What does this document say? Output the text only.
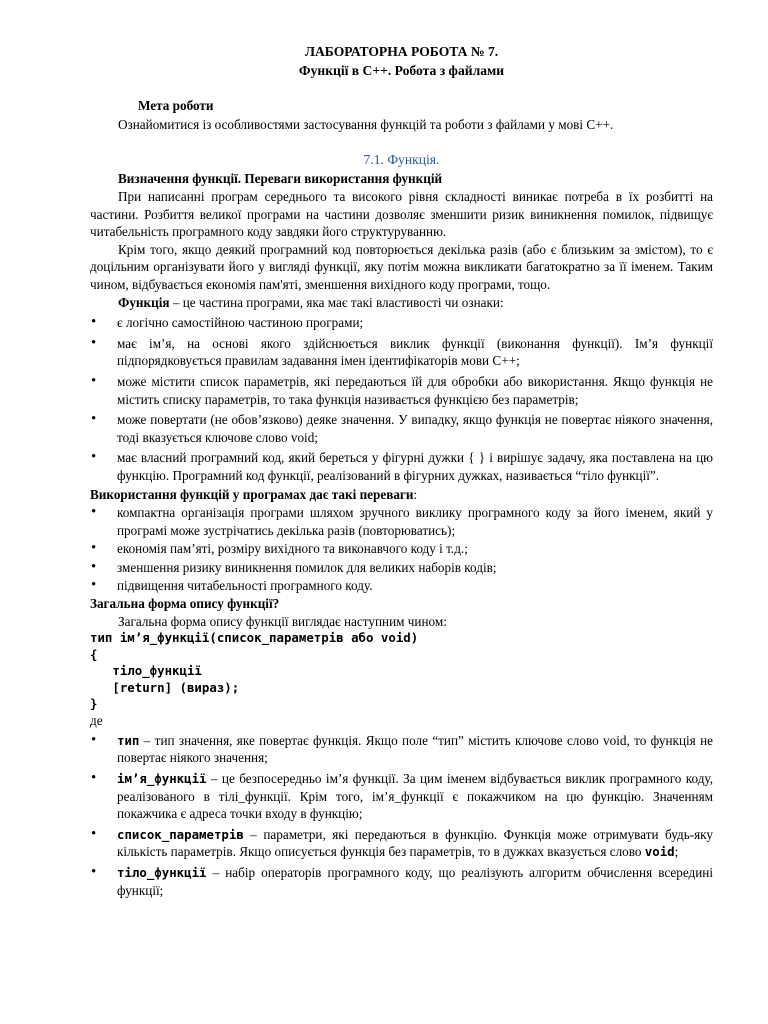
ЛАБОРАТОРНА РОБОТА № 7.

Функції в С++. Робота з файлами

Мета роботи

Ознайомитися із особливостями застосування функцій та роботи з файлами у мові С++.

7.1. Функція.

Визначення функції. Переваги використання функцій

При написанні програм середнього та високого рівня складності виникає потреба в їх розбитті на частини. Розбиття великої програми на частини дозволяє зменшити ризик виникнення помилок, підвищує читабельність програмного коду завдяки його структуруванню.

Крім того, якщо деякий програмний код повторюється декілька разів (або є близьким за змістом), то є доцільним організувати його у вигляді функції, яку потім можна викликати багатократно за її іменем. Таким чином, відбувається економія пам'яті, зменшення вихідного коду програми, тощо.

Функція – це частина програми, яка має такі властивості чи ознаки:

• є логічно самостійною частиною програми;
• має ім’я, на основі якого здійснюється виклик функції (виконання функції). Ім’я функції підпорядковується правилам задавання імен ідентифікаторів мови С++;
• може містити список параметрів, які передаються їй для обробки або використання. Якщо функція не містить списку параметрів, то така функція називається функцією без параметрів;
• може повертати (не обов’язково) деяке значення. У випадку, якщо функція не повертає ніякого значення, тоді вказується ключове слово void;
• має власний програмний код, який береться у фігурні дужки { } і вирішує задачу, яка поставлена на цю функцію. Програмний код функції, реалізований в фігурних дужках, називається “тіло функції”.

Використання функцій у програмах дає такі переваги:

• компактна організація програми шляхом зручного виклику програмного коду за його іменем, який у програмі може зустрічатись декілька разів (повторюватись);
• економія пам’яті, розміру вихідного та виконавчого коду і т.д.;
• зменшення ризику виникнення помилок для великих наборів кодів;
• підвищення читабельності програмного коду.

Загальна форма опису функції?

Загальна форма опису функції виглядає наступним чином:

тип ім’я_функції(список_параметрів або void)
{
тіло_функції
[return] (вираз);
}

де

• тип – тип значення, яке повертає функція. Якщо поле “тип” містить ключове слово void, то функція не повертає ніякого значення;
• ім’я_функції – це безпосередньо ім’я функції. За цим іменем відбувається виклик програмного коду, реалізованого в тілі_функції. Крім того, ім’я_функції є покажчиком на цю функцію. Значенням покажчика є адреса точки входу в функцію;
• список_параметрів – параметри, які передаються в функцію. Функція може отримувати будь-яку кількість параметрів. Якщо описується функція без параметрів, то в дужках вказується слово void;
• тіло_функції – набір операторів програмного коду, що реалізують алгоритм обчислення всередині функції;
